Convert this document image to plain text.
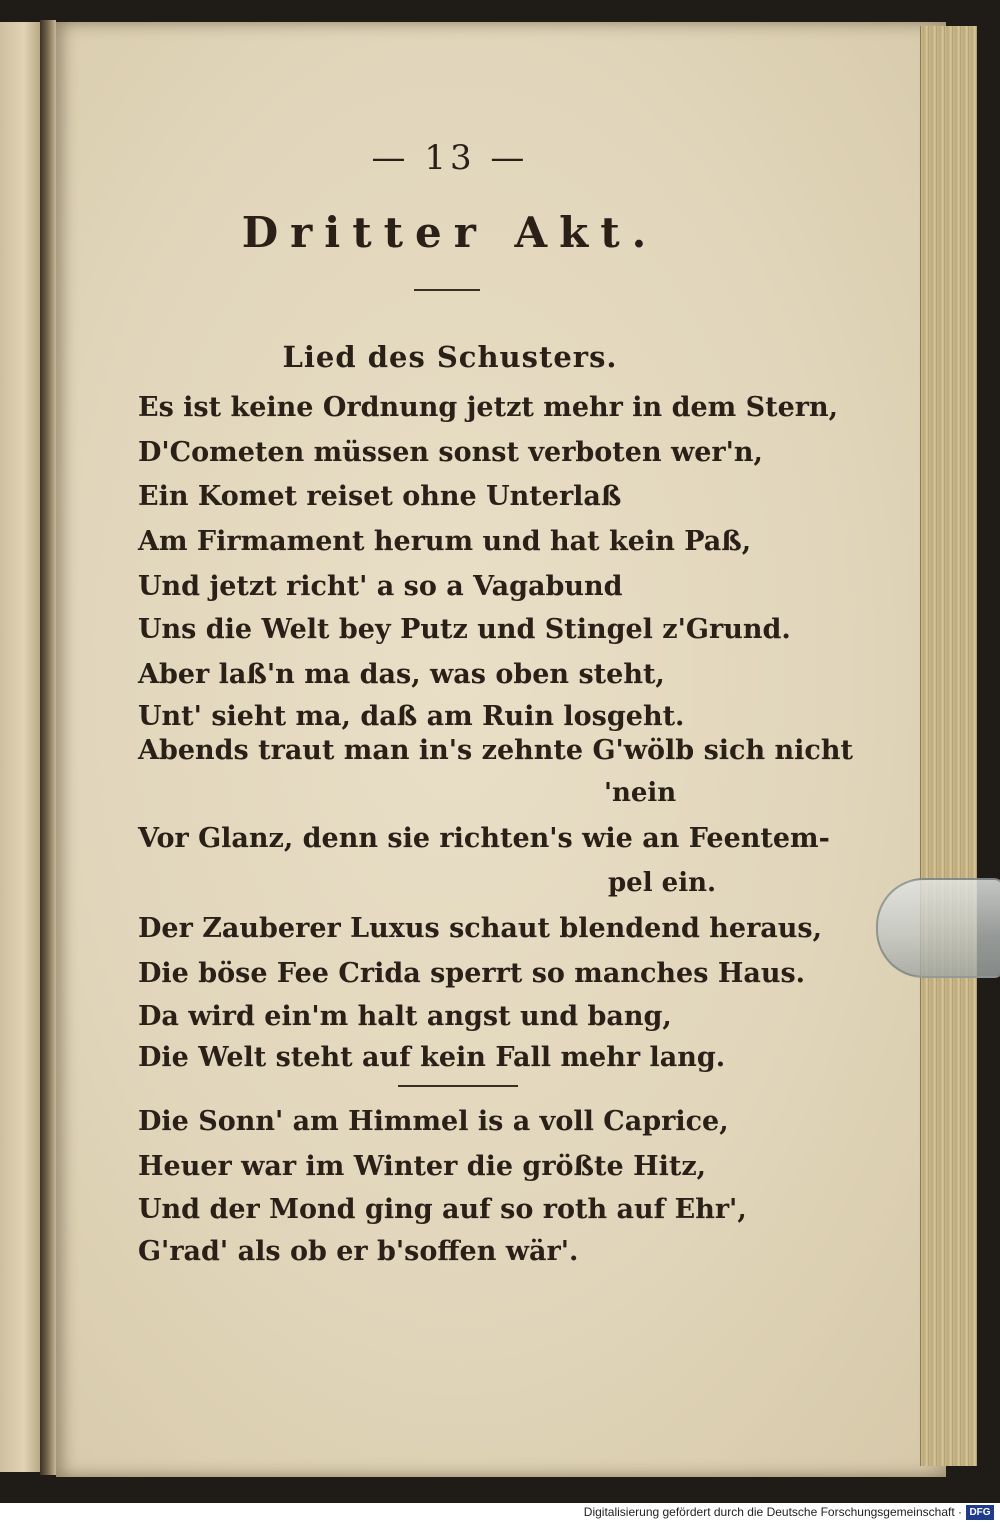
— 13 —
Dritter Akt.
Lied des Schusters.
Es ist keine Ordnung jetzt mehr in dem Stern,
D'Cometen müssen sonst verboten wer'n,
Ein Komet reiset ohne Unterlaß
Am Firmament herum und hat kein Paß,
Und jetzt richt' a so a Vagabund
Uns die Welt bey Putz und Stingel z'Grund.
Aber laß'n ma das, was oben steht,
Unt' sieht ma, daß am Ruin losgeht.
Abends traut man in's zehnte G'wölb sich nicht
'nein
Vor Glanz, denn sie richten's wie an Feentem-
pel ein.
Der Zauberer Luxus schaut blendend heraus,
Die böse Fee Crida sperrt so manches Haus.
Da wird ein'm halt angst und bang,
Die Welt steht auf kein Fall mehr lang.
Die Sonn' am Himmel is a voll Caprice,
Heuer war im Winter die größte Hitz,
Und der Mond ging auf so roth auf Ehr',
G'rad' als ob er b'soffen wär'.
Digitalisierung gefördert durch die Deutsche Forschungsgemeinschaft · DFG
